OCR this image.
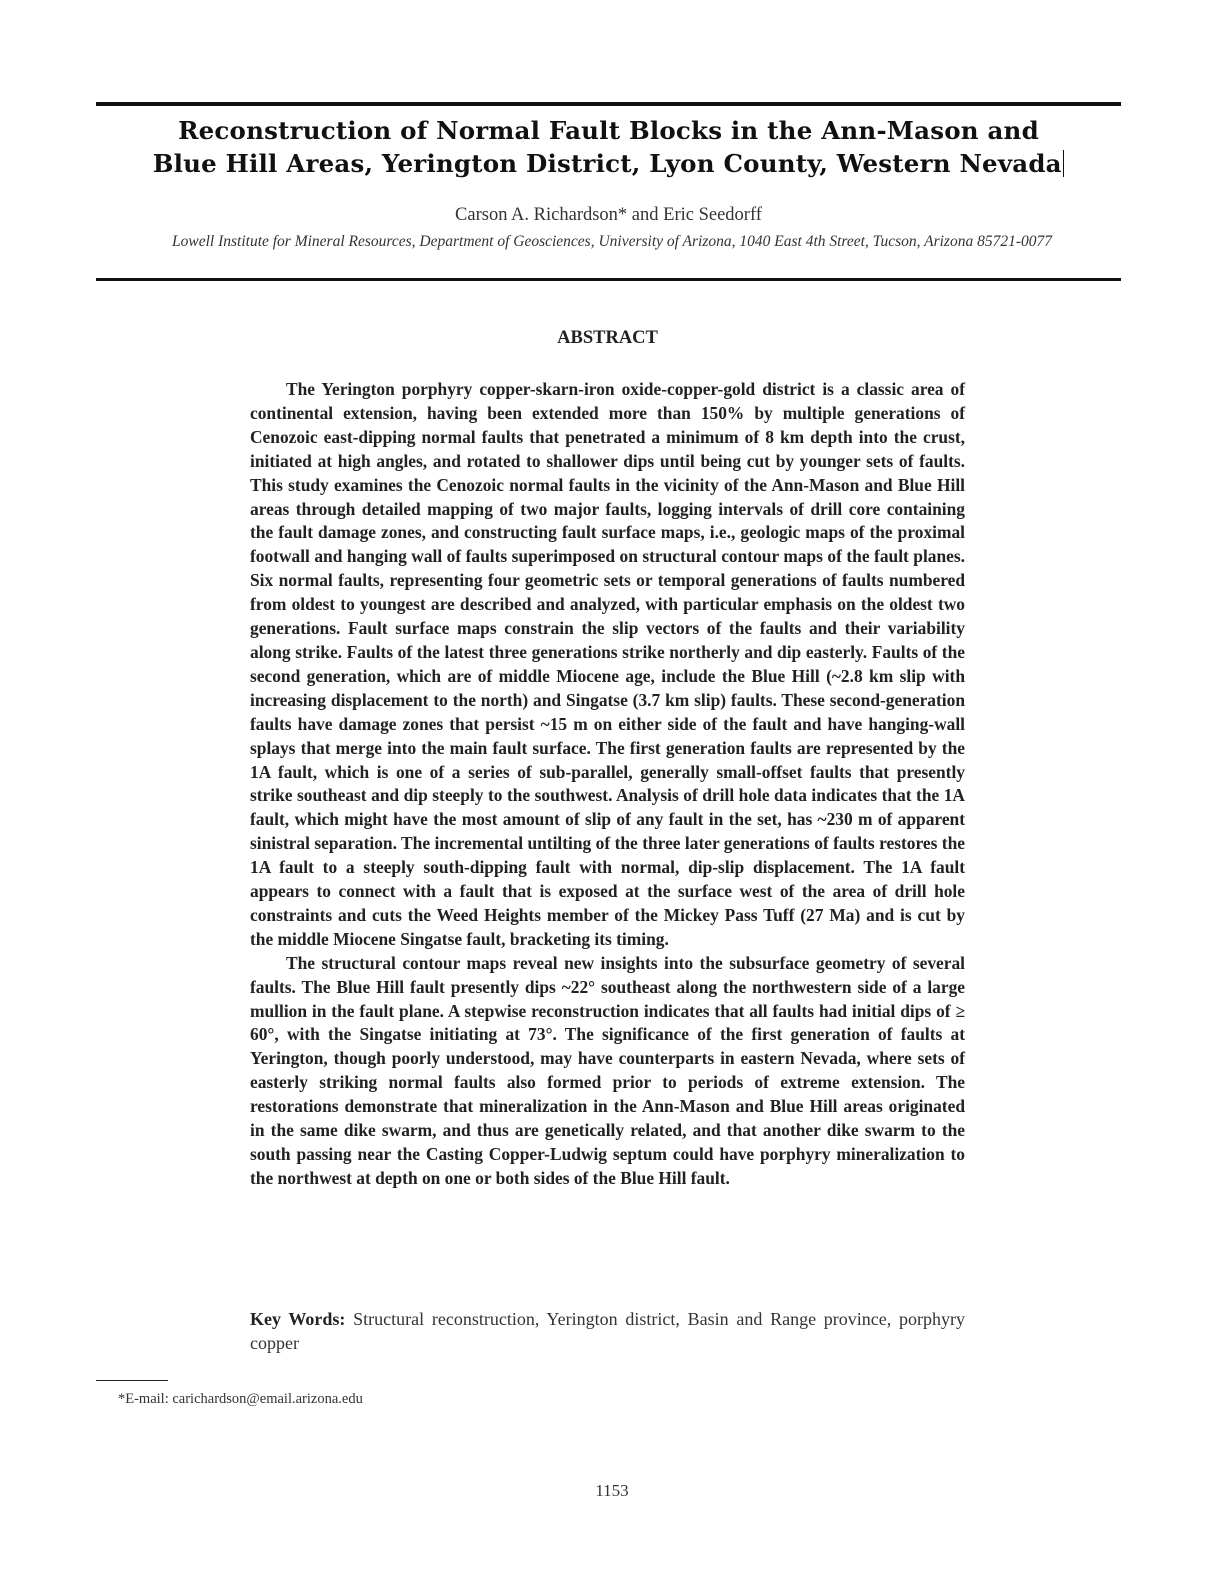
Reconstruction of Normal Fault Blocks in the Ann-Mason and
Blue Hill Areas, Yerington District, Lyon County, Western Nevada
Carson A. Richardson* and Eric Seedorff
Lowell Institute for Mineral Resources, Department of Geosciences, University of Arizona, 1040 East 4th Street, Tucson, Arizona 85721-0077
ABSTRACT

The Yerington porphyry copper-skarn-iron oxide-copper-gold district is a classic area of continental extension, having been extended more than 150% by multiple generations of Cenozoic east-dipping normal faults that penetrated a minimum of 8 km depth into the crust, initiated at high angles, and rotated to shallower dips until being cut by younger sets of faults. This study examines the Cenozoic normal faults in the vicinity of the Ann-Mason and Blue Hill areas through detailed mapping of two major faults, logging intervals of drill core containing the fault damage zones, and constructing fault surface maps, i.e., geologic maps of the proximal footwall and hanging wall of faults superimposed on structural contour maps of the fault planes. Six normal faults, representing four geometric sets or temporal generations of faults numbered from oldest to youngest are described and analyzed, with particular emphasis on the oldest two generations. Fault surface maps constrain the slip vectors of the faults and their variability along strike. Faults of the latest three generations strike northerly and dip easterly. Faults of the second generation, which are of middle Miocene age, include the Blue Hill (~2.8 km slip with increasing displacement to the north) and Singatse (3.7 km slip) faults. These second-generation faults have damage zones that persist ~15 m on either side of the fault and have hanging-wall splays that merge into the main fault surface. The first generation faults are represented by the 1A fault, which is one of a series of sub-parallel, generally small-offset faults that presently strike southeast and dip steeply to the southwest. Analysis of drill hole data indicates that the 1A fault, which might have the most amount of slip of any fault in the set, has ~230 m of apparent sinistral separation. The incremental untilting of the three later generations of faults restores the 1A fault to a steeply south-dipping fault with normal, dip-slip displacement. The 1A fault appears to connect with a fault that is exposed at the surface west of the area of drill hole constraints and cuts the Weed Heights member of the Mickey Pass Tuff (27 Ma) and is cut by the middle Miocene Singatse fault, bracketing its timing.

The structural contour maps reveal new insights into the subsurface geometry of several faults. The Blue Hill fault presently dips ~22° southeast along the northwestern side of a large mullion in the fault plane. A stepwise reconstruction indicates that all faults had initial dips of ≥ 60°, with the Singatse initiating at 73°. The significance of the first generation of faults at Yerington, though poorly understood, may have counterparts in eastern Nevada, where sets of easterly striking normal faults also formed prior to periods of extreme extension. The restorations demonstrate that mineralization in the Ann-Mason and Blue Hill areas originated in the same dike swarm, and thus are genetically related, and that another dike swarm to the south passing near the Casting Copper-Ludwig septum could have porphyry mineralization to the northwest at depth on one or both sides of the Blue Hill fault.

Key Words: Structural reconstruction, Yerington district, Basin and Range province, porphyry copper

*E-mail: carichardson@email.arizona.edu

1153
